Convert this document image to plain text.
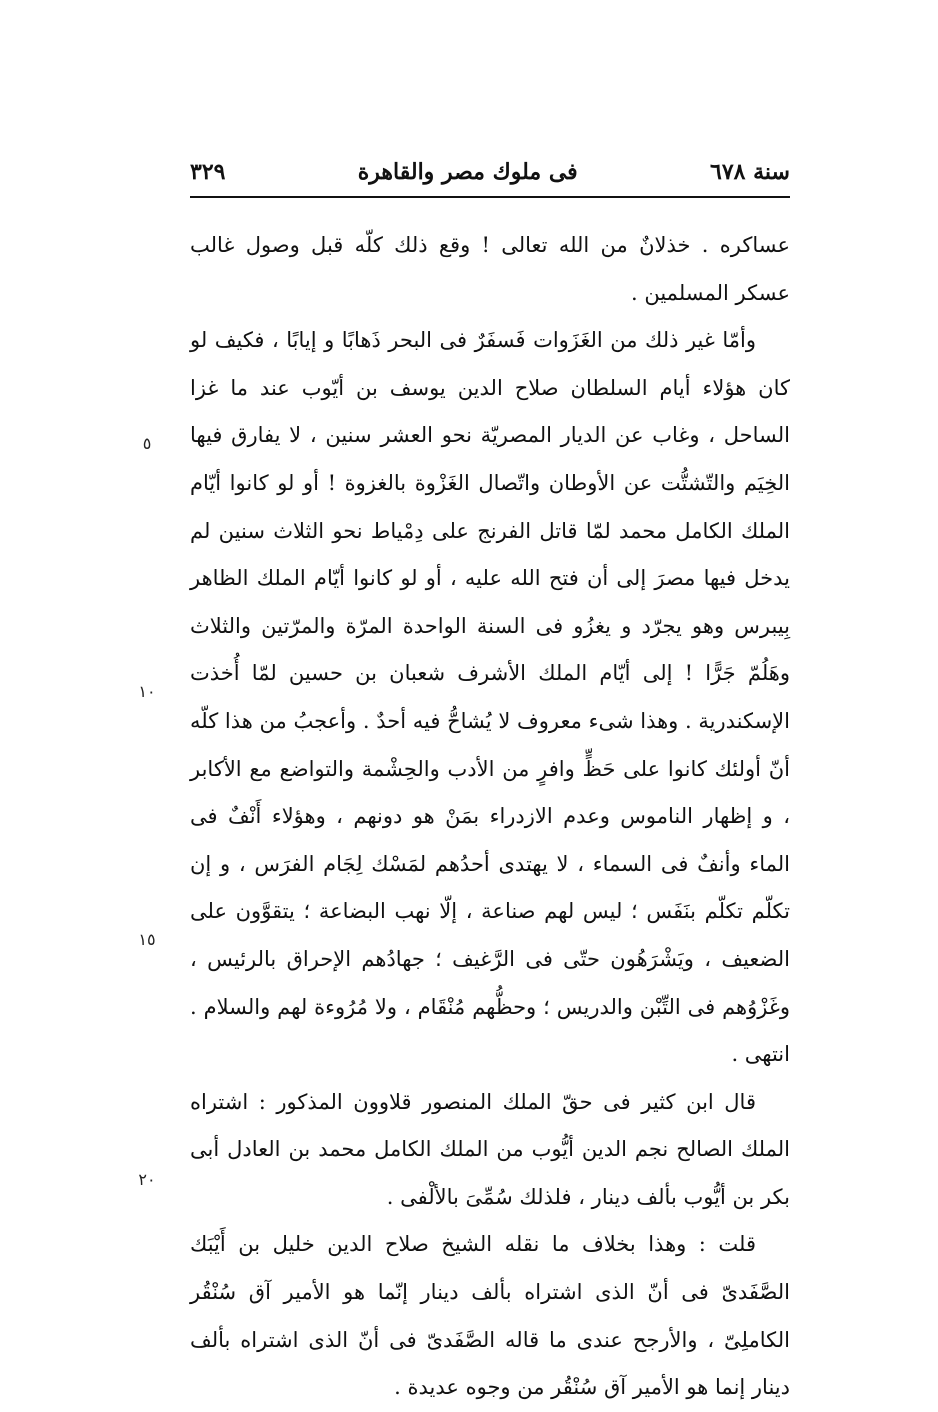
سنة ٦٧٨
فى ملوك مصر والقاهرة
٣٢٩

عساكره . خذلانٌ من الله تعالى ! وقع ذلك كلّه قبل وصول غالب عسكر المسلمين .

وأمّا غير ذلك من الغَزَوات فَسفَرٌ فى البحر ذَهابًا و إيابًا ، فكيف لو كان هؤلاء أيام السلطان صلاح الدين يوسف بن أيّوب عند ما غزا الساحل ، وغاب عن الديار المصريّة نحو العشر سنين ، لا يفارق فيها الخِيَم والتّشتُّت عن الأوطان واتّصال الغَزْوة بالغزوة ! أو لو كانوا أيّام الملك الكامل محمد لمّا قاتل الفرنج على دِمْياط نحو الثلاث سنين لم يدخل فيها مصرَ إلى أن فتح الله عليه ، أو لو كانوا أيّام الملك الظاهر بِيبرس وهو يجرّد و يغزُو فى السنة الواحدة المرّة والمرّتين والثلاث وهَلُمّ جَرًّا ! إلى أيّام الملك الأشرف شعبان بن حسين لمّا أُخذت الإسكندرية . وهذا شىء معروف لا يُشاحُّ فيه أحدٌ . وأعجبُ من هذا كلّه أنّ أولئك كانوا على حَظٍّ وافرٍ من الأدب والحِشْمة والتواضع مع الأكابر ، و إظهار الناموس وعدم الازدراء بمَنْ هو دونهم ، وهؤلاء أَنْفٌ فى الماء وأنفٌ فى السماء ، لا يهتدى أحدُهم لمَسْك لِجَام الفرَس ، و إن تكلّم تكلّم بنَفَس ؛ ليس لهم صناعة ، إلّا نهب البضاعة ؛ يتقوَّون على الضعيف ، ويَشْرَهُون حتّى فى الرَّغيف ؛ جهادُهم الإحراق بالرئيس ، وغَزْوُهم فى التِّبْن والدريس ؛ وحظُّهم مُنْقَام ، ولا مُرُوءة لهم والسلام . انتهى .

قال ابن كثير فى حقّ الملك المنصور قلاوون المذكور : اشتراه الملك الصالح نجم الدين أيُّوب من الملك الكامل محمد بن العادل أبى بكر بن أيُّوب بألف دينار ، فلذلك سُمِّىَ بالألْفى .

قلت : وهذا بخلاف ما نقله الشيخ صلاح الدين خليل بن أَيْبَك الصَّفَدىّ فى أنّ الذى اشتراه بألف دينار إنّما هو الأمير آق سُنْقُر الكاملِىّ ، والأرجح عندى ما قاله الصَّفَدىّ فى أنّ الذى اشتراه بألف دينار إنما هو الأمير آق سُنْقُر من وجوه عديدة .

٥
١٠
١٥
٢٠
